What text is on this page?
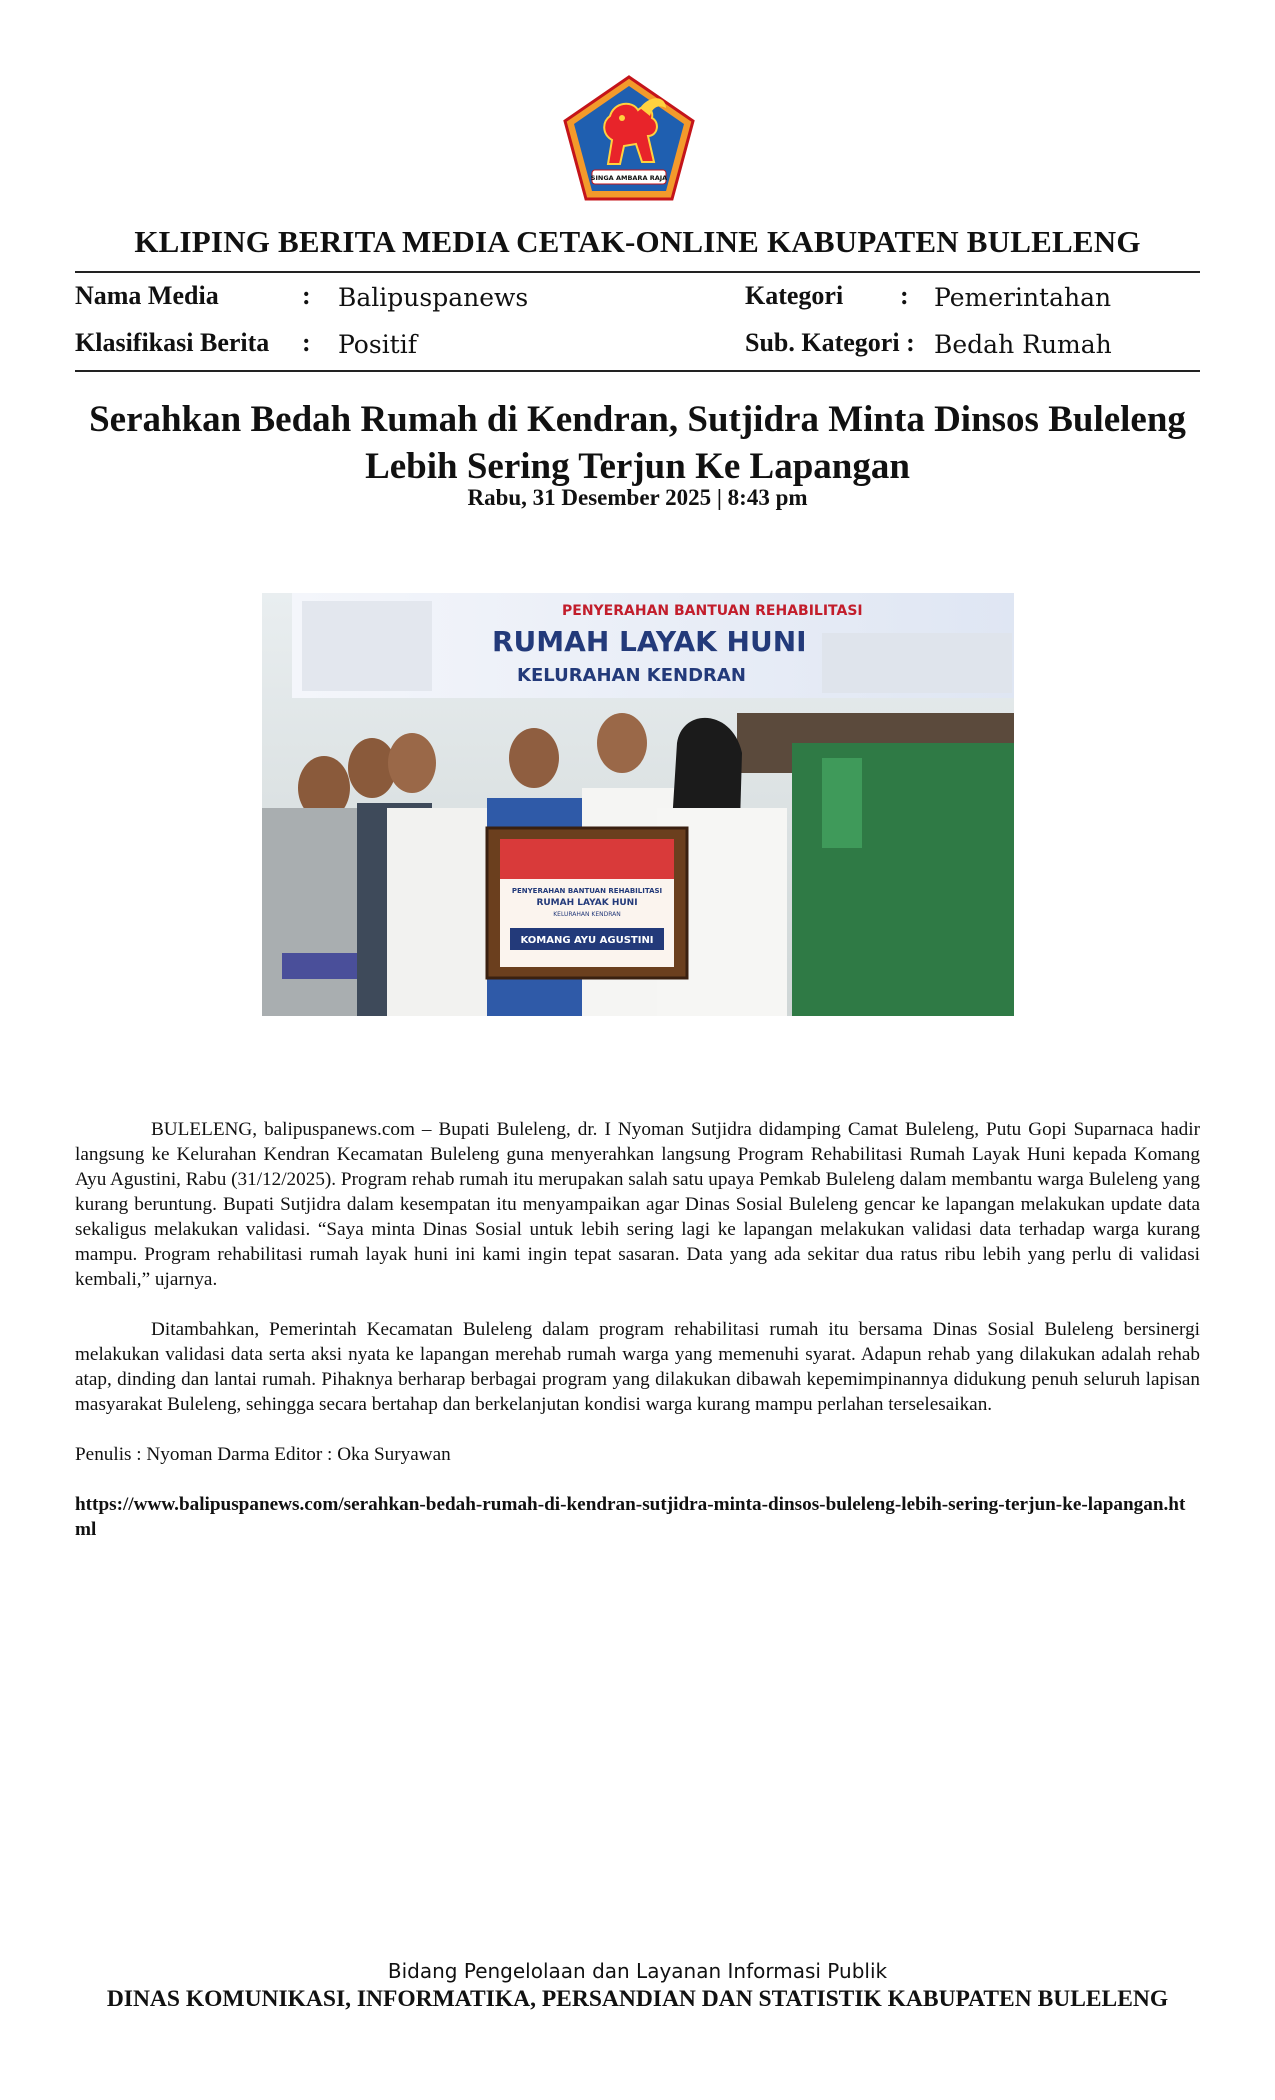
SINGA AMBARA RAJA
KLIPING BERITA MEDIA CETAK-ONLINE KABUPATEN BULELENG
Nama Media	: Balipuspanews
Klasifikasi Berita : Positif
Kategori : Pemerintahan
Sub. Kategori : Bedah Rumah
Serahkan Bedah Rumah di Kendran, Sutjidra Minta Dinsos Buleleng Lebih Sering Terjun Ke Lapangan
Rabu, 31 Desember 2025 | 8:43 pm
PENYERAHAN BANTUAN REHABILITASI
RUMAH LAYAK HUNI
KELURAHAN KENDRAN
PENYERAHAN BANTUAN REHABILITASI
RUMAH LAYAK HUNI
KELURAHAN KENDRAN
KOMANG AYU AGUSTINI

BULELENG, balipuspanews.com – Bupati Buleleng, dr. I Nyoman Sutjidra didamping Camat Buleleng, Putu Gopi Suparnaca hadir langsung ke Kelurahan Kendran Kecamatan Buleleng guna menyerahkan langsung Program Rehabilitasi Rumah Layak Huni kepada Komang Ayu Agustini, Rabu (31/12/2025). Program rehab rumah itu merupakan salah satu upaya Pemkab Buleleng dalam membantu warga Buleleng yang kurang beruntung. Bupati Sutjidra dalam kesempatan itu menyampaikan agar Dinas Sosial Buleleng gencar ke lapangan melakukan update data sekaligus melakukan validasi. “Saya minta Dinas Sosial untuk lebih sering lagi ke lapangan melakukan validasi data terhadap warga kurang mampu. Program rehabilitasi rumah layak huni ini kami ingin tepat sasaran. Data yang ada sekitar dua ratus ribu lebih yang perlu di validasi kembali,” ujarnya.

Ditambahkan, Pemerintah Kecamatan Buleleng dalam program rehabilitasi rumah itu bersama Dinas Sosial Buleleng bersinergi melakukan validasi data serta aksi nyata ke lapangan merehab rumah warga yang memenuhi syarat. Adapun rehab yang dilakukan adalah rehab atap, dinding dan lantai rumah. Pihaknya berharap berbagai program yang dilakukan dibawah kepemimpinannya didukung penuh seluruh lapisan masyarakat Buleleng, sehingga secara bertahap dan berkelanjutan kondisi warga kurang mampu perlahan terselesaikan.

Penulis : Nyoman Darma Editor : Oka Suryawan

https://www.balipuspanews.com/serahkan-bedah-rumah-di-kendran-sutjidra-minta-dinsos-buleleng-lebih-sering-terjun-ke-lapangan.html

Bidang Pengelolaan dan Layanan Informasi Publik
DINAS KOMUNIKASI, INFORMATIKA, PERSANDIAN DAN STATISTIK KABUPATEN BULELENG
